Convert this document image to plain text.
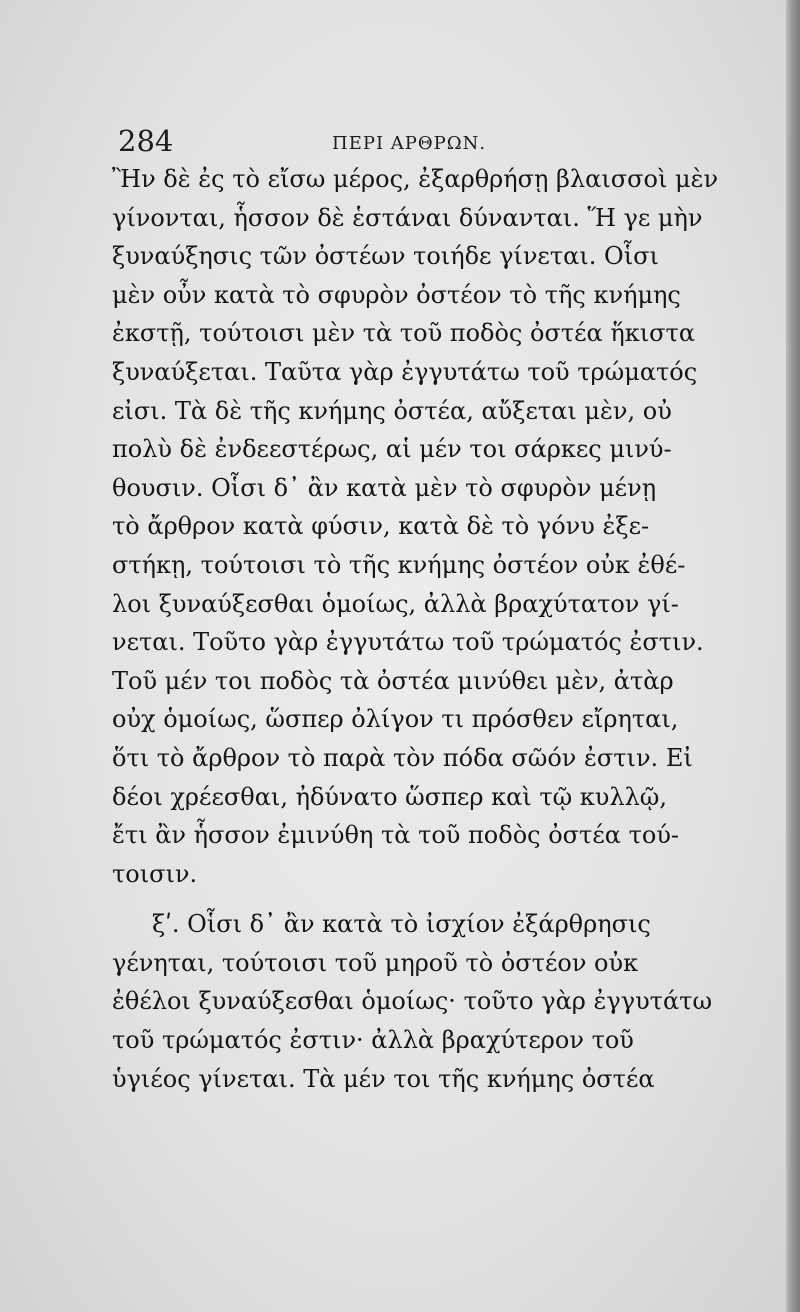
284	ΠΕΡΙ ΑΡΘΡΩΝ.
Ἢν δὲ ἐς τὸ εἴσω μέρος, ἐξαρθρήσῃ βλαισσοὶ μὲν
γίνονται, ἧσσον δὲ ἑστάναι δύνανται. Ἥ γε μὴν
ξυναύξησις τῶν ὀστέων τοιήδε γίνεται. Οἷσι
μὲν οὖν κατὰ τὸ σφυρὸν ὀστέον τὸ τῆς κνήμης
ἐκστῇ, τούτοισι μὲν τὰ τοῦ ποδὸς ὀστέα ἥκιστα
ξυναύξεται. Ταῦτα γὰρ ἐγγυτάτω τοῦ τρώματός
εἰσι. Τὰ δὲ τῆς κνήμης ὀστέα, αὔξεται μὲν, οὐ
πολὺ δὲ ἐνδεεστέρως, αἱ μέν τοι σάρκες μινύ-
θουσιν. Οἷσι δ᾿ ἂν κατὰ μὲν τὸ σφυρὸν μένῃ
τὸ ἄρθρον κατὰ φύσιν, κατὰ δὲ τὸ γόνυ ἐξε-
στήκῃ, τούτοισι τὸ τῆς κνήμης ὀστέον οὐκ ἐθέ-
λοι ξυναύξεσθαι ὁμοίως, ἀλλὰ βραχύτατον γί-
νεται. Τοῦτο γὰρ ἐγγυτάτω τοῦ τρώματός ἐστιν.
Τοῦ μέν τοι ποδὸς τὰ ὀστέα μινύθει μὲν, ἀτὰρ
οὐχ ὁμοίως, ὥσπερ ὀλίγον τι πρόσθεν εἴρηται,
ὅτι τὸ ἄρθρον τὸ παρὰ τὸν πόδα σῶόν ἐστιν. Εἰ
δέοι χρέεσθαι, ἠδύνατο ὥσπερ καὶ τῷ κυλλῷ,
ἔτι ἂν ἧσσον ἐμινύθη τὰ τοῦ ποδὸς ὀστέα τού-
τοισιν.
ξʹ. Οἷσι δ᾿ ἂν κατὰ τὸ ἰσχίον ἐξάρθρησις
γένηται, τούτοισι τοῦ μηροῦ τὸ ὀστέον οὐκ
ἐθέλοι ξυναύξεσθαι ὁμοίως· τοῦτο γὰρ ἐγγυτάτω
τοῦ τρώματός ἐστιν· ἀλλὰ βραχύτερον τοῦ
ὑγιέος γίνεται. Τὰ μέν τοι τῆς κνήμης ὀστέα
